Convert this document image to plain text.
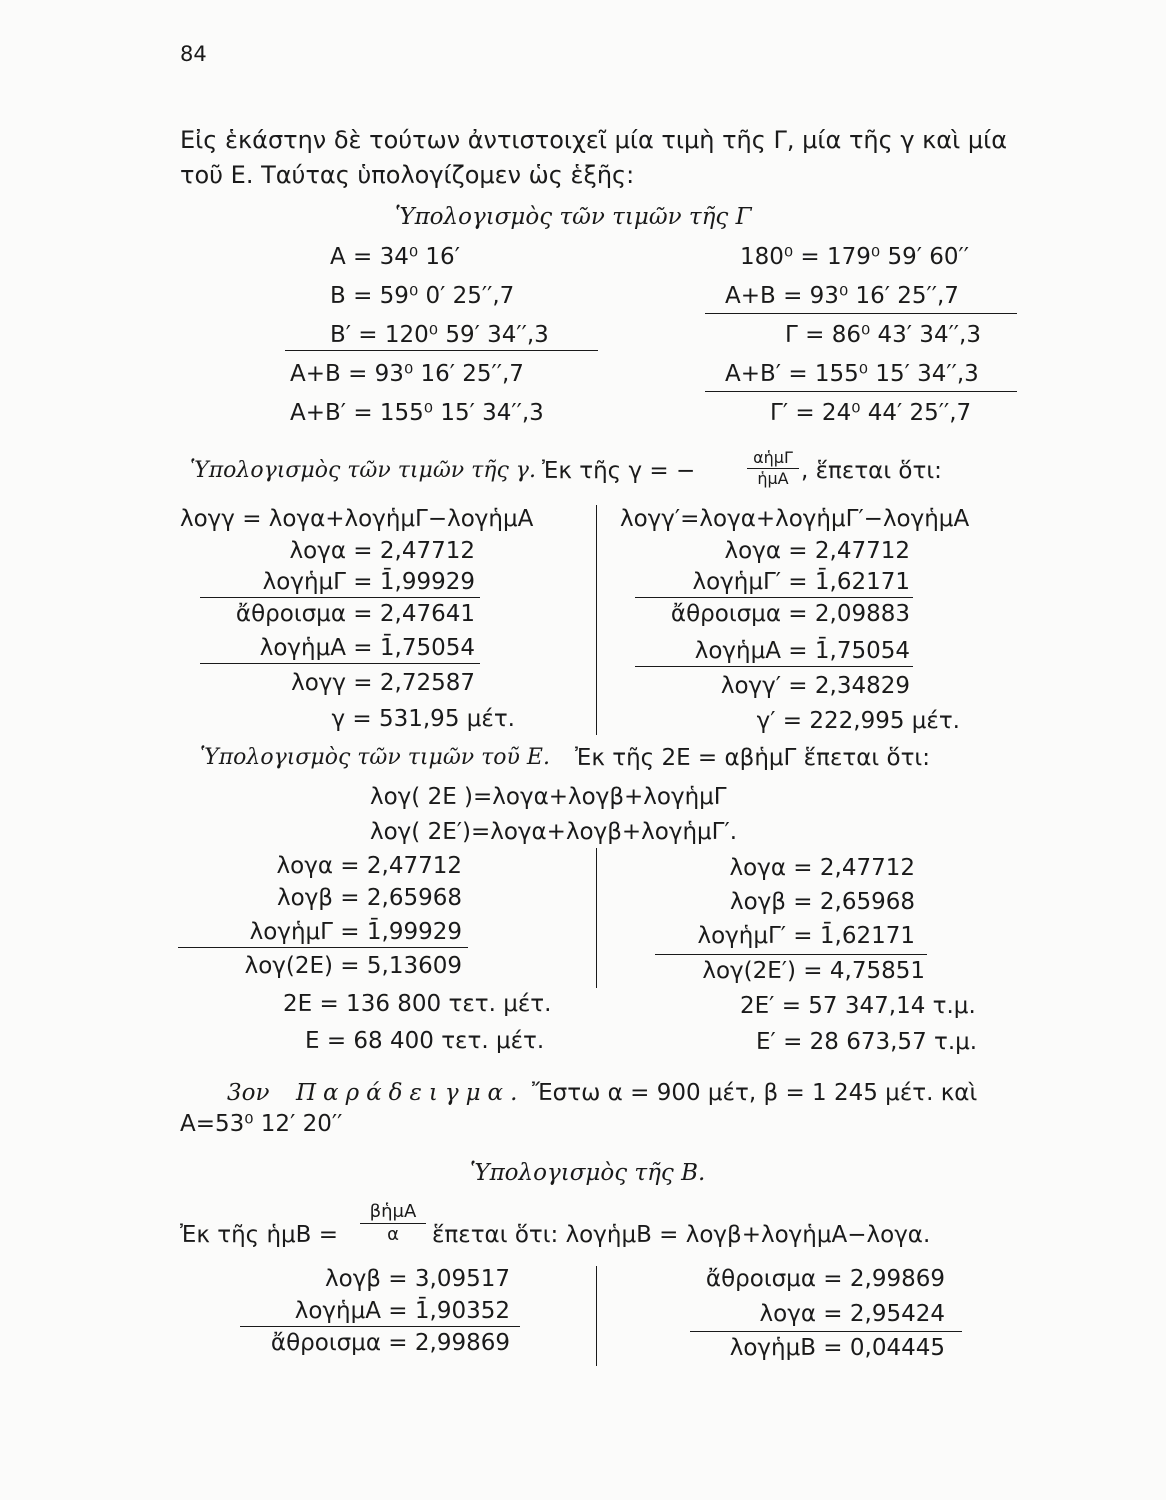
84
Εἰς ἑκάστην δὲ τούτων ἀντιστοιχεῖ μία τιμὴ τῆς Γ, μία τῆς γ καὶ μία
τοῦ Ε. Ταύτας ὑπολογίζομεν ὡς ἑξῆς:
Ὑπολογισμὸς τῶν τιμῶν τῆς Γ
Α = 34⁰ 16′
Β = 59⁰ 0′ 25′′,7
Β′ = 120⁰ 59′ 34′′,3
Α+Β = 93⁰ 16′ 25′′,7
Α+Β′ = 155⁰ 15′ 34′′,3
180⁰ = 179⁰ 59′ 60′′
Α+Β = 93⁰ 16′ 25′′,7
Γ = 86⁰ 43′ 34′′,3
Α+Β′ = 155⁰ 15′ 34′′,3
Γ′ = 24⁰ 44′ 25′′,7
Ὑπολογισμὸς τῶν τιμῶν τῆς γ. Ἐκ τῆς γ = −
αἡμΓ
ἡμΑ , ἕπεται ὅτι:
λογγ = λογα+λογἡμΓ−λογἡμΑ
λογα = 2,47712
λογἡμΓ = 1̄,99929
ἄθροισμα = 2,47641
λογἡμΑ = 1̄,75054
λογγ = 2,72587
γ = 531,95 μέτ.
λογγ′=λογα+λογἡμΓ′−λογἡμΑ
λογα = 2,47712
λογἡμΓ′ = 1̄,62171
ἄθροισμα = 2,09883
λογἡμΑ = 1̄,75054
λογγ′ = 2,34829
γ′ = 222,995 μέτ.
Ὑπολογισμὸς τῶν τιμῶν τοῦ Ε. Ἐκ τῆς 2Ε = αβἡμΓ ἕπεται ὅτι:
λογ( 2Ε )=λογα+λογβ+λογἡμΓ
λογ( 2Ε′)=λογα+λογβ+λογἡμΓ′.
λογα = 2,47712
λογβ = 2,65968
λογἡμΓ = 1̄,99929
λογ(2Ε) = 5,13609
2Ε = 136 800 τετ. μέτ.
Ε = 68 400 τετ. μέτ.
λογα = 2,47712
λογβ = 2,65968
λογἡμΓ′ = 1̄,62171
λογ(2Ε′) = 4,75851
2Ε′ = 57 347,14 τ.μ.
Ε′ = 28 673,57 τ.μ.
3ον Παράδειγμα. Ἔστω α = 900 μέτ, β = 1 245 μέτ. καὶ
Α=53⁰ 12′ 20′′
Ὑπολογισμὸς τῆς Β.
Ἐκ τῆς ἡμΒ =
βἡμΑ
α	ἕπεται ὅτι: λογἡμΒ = λογβ+λογἡμΑ−λογα.
λογβ = 3,09517
λογἡμΑ = 1̄,90352
ἄθροισμα = 2,99869
ἄθροισμα = 2,99869
λογα = 2,95424
λογἡμΒ = 0,04445
